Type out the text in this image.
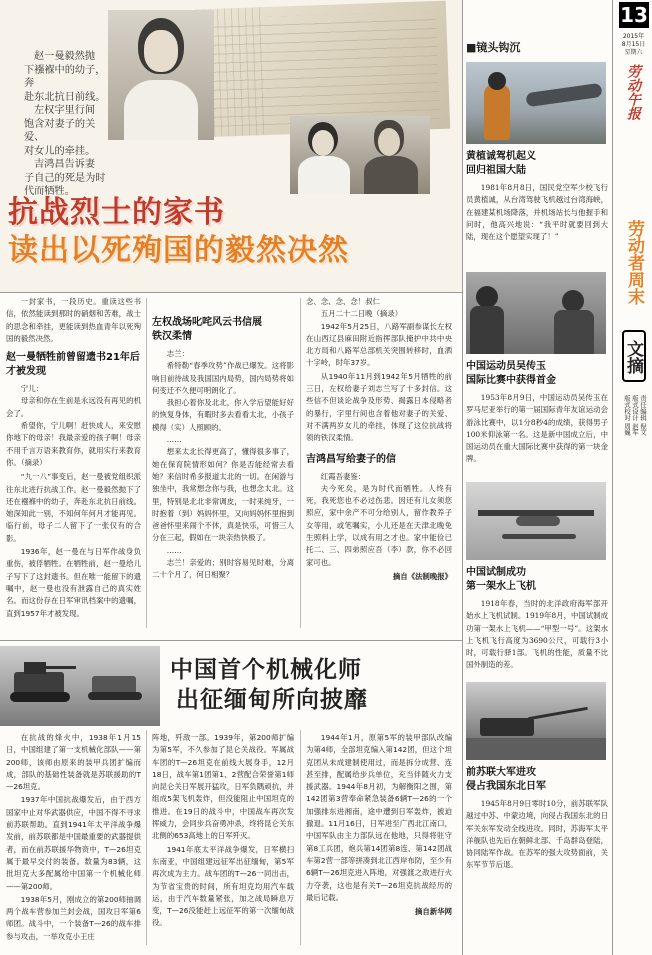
13
2015年
8月15日
星期六
劳动午报
劳动者周末
文摘
责任编辑 倪文
版式设计 赵军
版式校对 周巍
赵一曼毅然抛
下襁褓中的幼子，奔
赴东北抗日前线。
左权字里行间
饱含对妻子的关爱、
对女儿的牵挂。
吉鸿昌告诉妻
子自己的死是为时
代而牺牲。
抗战烈士的家书
读出以死殉国的毅然决然

一封家书，一段历史。重读这些书信，依然能读到那时的硝烟和苦难，战士的思念和牵挂，更能读到热血青年以死殉国的毅然决然。

赵一曼牺牲前曾留遗书21年后才被发现

宁儿：

母亲和你在生前是永远没有再见的机会了。

希望你，宁儿啊！赶快成人，来安慰你地下的母亲！我最亲爱的孩子啊！母亲不用千言万语来教育你，就用实行来教育你。（摘录）

“九一八”事变后，赵一曼被党组织派往东北进行抗战工作。赵一曼毅然抛下了还在襁褓中的幼子，奔赴东北抗日前线。她深知此一别，不知何年何月才能再见。临行前，母子二人留下了一张仅有的合影。

1936年，赵一曼在与日军作战身负重伤，被俘牺牲。在牺牲前，赵一曼给儿子写下了这封遗书。但在唯一能留下的遗嘱中，赵一曼也没有泄露自己的真实姓名。而这份存在日军审讯档案中的遗嘱，直到1957年才被发现。

左权战场叱咤风云书信展铁汉柔情

志兰：

希特勒“春季攻势”作战已爆发。这将影响目前待战及我国国内局势，国内局势将如何变迁不久便可明朗化了。

我担心着你及北北，你入学后望能好好的恢复身体，有暇时多去看看太北，小孩子模得（实）人照顾的。

……

想来太北长得更高了，懂得很多事了，她在保育院情形如何？你是否能经常去看她？来信时希多报道太北的一切。在闲游与独坐中，我常想念你与我，也想念太北。这里，特别是北北非常调皮，一时来纯牙，一时抱着（到）妈妈怀里，又向妈妈怀里抱到爸爸怀里来闹个不休，真是快乐，可惜三人分在三起，假如在一块亲热快极了。

……

志兰！亲爱的；别时容易见时难，分离二十个月了，何日相聚？

念、念、念、念！叔仁

五月二十二日晚（摘录）

1942年5月25日，八路军副参谋长左权在山西辽县麻田附近指挥部队掩护中共中央北方局和八路军总部机关突围转移时，血洒十字岭，时年37岁。

从1940年11月到1942年5月牺牲的前三日，左权给妻子刘志兰写了十多封信。这些信不但谈论战争及形势、揭露日本侵略者的暴行，字里行间也含着他对妻子的关爱、对不满两岁女儿的牵挂，体现了这位抗战将领的铁汉柔情。

吉鸿昌写给妻子的信

红霞吾妻鉴：

夫今死矣，是为时代而牺牲。人终有死，我死您也不必过伤悲。因还有儿女须您照应，家中余产不可分给别人，留作教养子女等用，或笔嘱实，小儿还是在天津北晚免生照料上学，以成有用之才也。家中能俭已托二、三、四弟照应吾（李）款，你不必回家可也。

摘自《法制晚报》
中国首个机械化师
出征缅甸所向披靡

在抗战的烽火中，1938年1月15日，中国组建了第一支机械化部队——第200师，该师由原来的装甲兵团扩编而成，部队的基础性装备就是苏联援助的T—26坦克。

1937年中国抗战爆发后，由于西方国家中止对华武器供应，中国不得不寻求前苏联帮助。直到1941年太平洋战争爆发前，前苏联都是中国最重要的武器提供者，而在前苏联援华物资中，T—26坦克属于最早交付的装备。数量为83辆，这批坦克大多配属给中国第一个机械化师——第200师。

1938年5月，刚成立的第200师抽调两个战车营参加兰封会战，国攻日军第6师团。战斗中，一个装备T—26的战车排参与攻击，一举攻克小王庄

阵地，歼敌一部。1939年，第200师扩编为第5军，不久参加了昆仑关战役。军属战车团的T—26坦克在前线大展身手，12月18日，战车第1团第1、2营配合荣誉第1师向昆仑关日军展开猛攻，日军负隅顽抗，并组成5架飞机轰炸，但没能阻止中国坦克的推进。在19日的战斗中，中国战车再次发挥威力，会同步兵奋勇冲杀，终将昆仑关东北侧的653高地上的日军歼灭。

1941年底太平洋战争爆发，日军横扫东南亚，中国组建远征军出征缅甸，第5军再次成为主力。战车团的T—26一同出击，为节省宝贵的时间，所有坦克均用汽车载运，由于汽车数量紧张，加之战局瞬息万变，T—26没能赶上远征军的第一次缅甸战役。

1944年1月，原第5军的装甲部队改编为第4师，全部坦克编入第142团，但这个坦克团从未成建制使用过，而是拆分成营、连甚至排，配属给步兵单位，充当伴随火力支援武器。1944年8月初，为解衡阳之围，第142团第3营奉命紧急装备6辆T—26的一个加强排东进湘南，途中遭到日军轰炸，被迫撤退。11月16日，日军进至广西北江南口，中国军队由主力部队远在他地，只得将驻守第8工兵团，炮兵第14团第8连、第142团战车第2营一部等拼凑到北江西岸布防，至少有6辆T—26坦克进入阵地，对强渡之敌进行火力夺袭，这也是有关T—26坦克抗战经历的最后记载。

摘自新华网
■镜头钩沉
黄植诚驾机起义
回归祖国大陆
1981年8月8日，国民党空军少校飞行员黄植诚，从台湾驾驶飞机越过台湾海峡，在福建某机场降落，并机场站长与他握手和问时，他高兴地说：“我平时就要回到大陆，现在这个愿望实现了！”
中国运动员吴传玉
国际比赛中获得首金
1953年8月9日，中国运动员吴传玉在罗马尼亚举行的第一届国际青年友谊运动会游泳比赛中，以1分8秒4的成绩，获得男子100米仰泳第一名。这是新中国成立后，中国运动员在重大国际比赛中获得的第一块金牌。
中国试制成功
第一架水上飞机
1918年春，当时的北洋政府海军部开始水上飞机试制。1919年8月，中国试制成功第一架水上飞机——“甲型一号”。这架水上飞机飞行高度为3690公尺，可载行3小时，可载行驿1部。飞机的性能，质量不比国外制造的差。
前苏联大军进攻
侵占我国东北日军
1945年8月9日零时10分，前苏联军队越过中苏、中蒙边境，向侵占我国东北的日军关东军发动全线进攻。同时，苏海军太平洋舰队也先后在朝鲜北部、千岛群岛登陆，协同陆军作战。在苏军的强大攻势面前，关东军节节后退。
